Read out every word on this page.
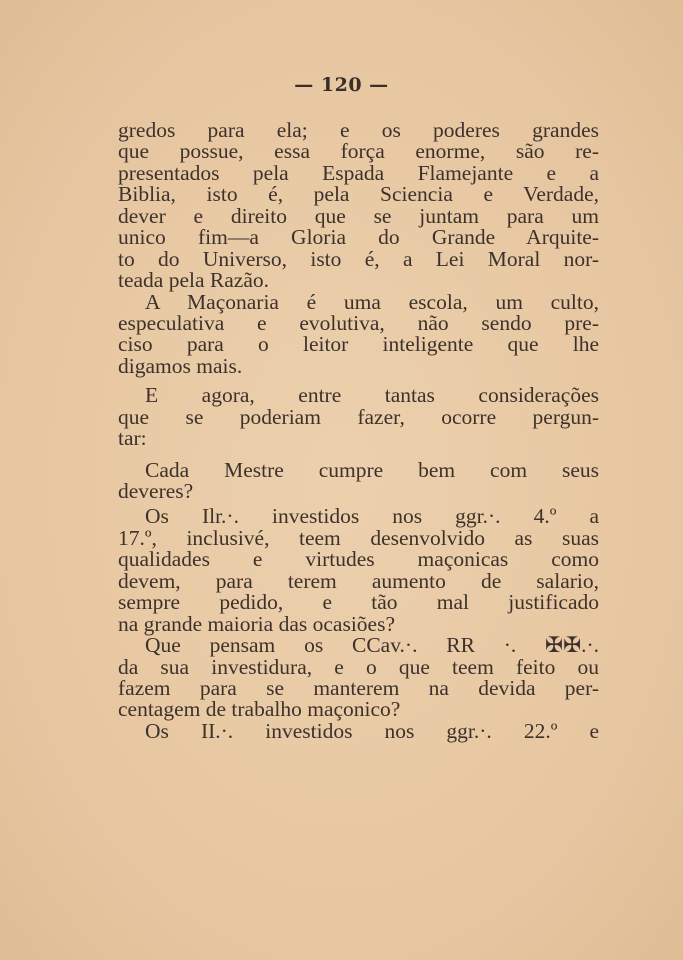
— 120 —
gredos para ela; e os poderes grandes
que possue, essa força enorme, são re-
presentados pela Espada Flamejante e a
Biblia, isto é, pela Sciencia e Verdade,
dever e direito que se juntam para um
unico fim—a Gloria do Grande Arquite-
to do Universo, isto é, a Lei Moral nor-
teada pela Razão.
A Maçonaria é uma escola, um culto,
especulativa e evolutiva, não sendo pre-
ciso para o leitor inteligente que lhe
digamos mais.
E agora, entre tantas considerações
que se poderiam fazer, ocorre pergun-
tar:
Cada Mestre cumpre bem com seus
deveres?
Os Ilr.·. investidos nos ggr.·. 4.º a
17.º, inclusivé, teem desenvolvido as suas
qualidades e virtudes maçonicas como
devem, para terem aumento de salario,
sempre pedido, e tão mal justificado
na grande maioria das ocasiões?
Que pensam os CCav.·. RR ·. ✠✠.·.
da sua investidura, e o que teem feito ou
fazem para se manterem na devida per-
centagem de trabalho maçonico?
Os II.·. investidos nos ggr.·. 22.º e
